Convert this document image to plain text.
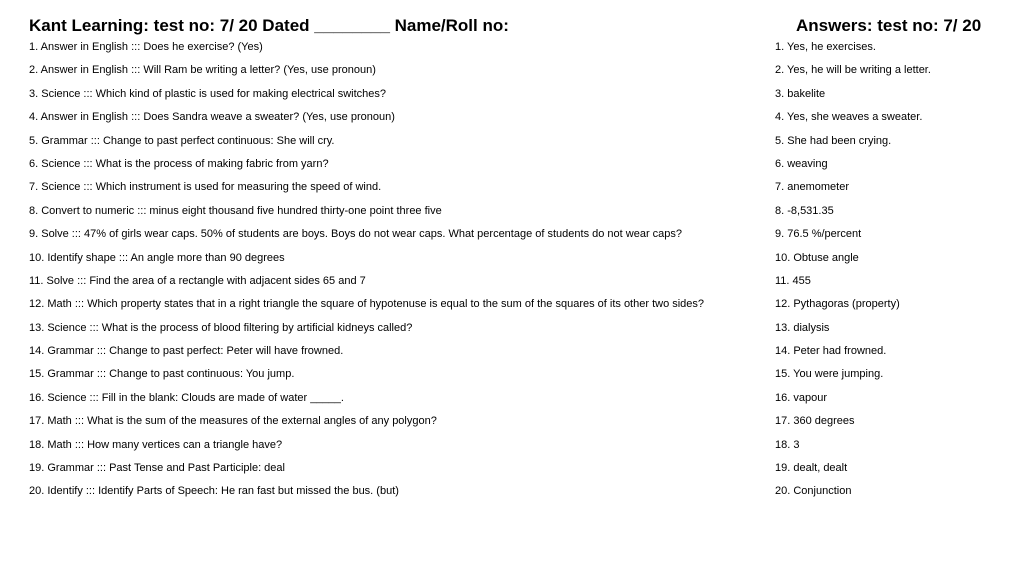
Kant Learning: test no: 7/ 20 Dated ________ Name/Roll no:	Answers: test no: 7/ 20
1. Answer in English ::: Does he exercise? (Yes)
2. Answer in English ::: Will Ram be writing a letter? (Yes, use pronoun)
3. Science ::: Which kind of plastic is used for making electrical switches?
4. Answer in English ::: Does Sandra weave a sweater? (Yes, use pronoun)
5. Grammar ::: Change to past perfect continuous: She will cry.
6. Science ::: What is the process of making fabric from yarn?
7. Science ::: Which instrument is used for measuring the speed of wind.
8. Convert to numeric ::: minus eight thousand five hundred thirty-one point three five
9. Solve ::: 47% of girls wear caps. 50% of students are boys. Boys do not wear caps. What percentage of students do not wear caps?
10. Identify shape ::: An angle more than 90 degrees
11. Solve ::: Find the area of a rectangle with adjacent sides 65 and 7
12. Math ::: Which property states that in a right triangle the square of hypotenuse is equal to the sum of the squares of its other two sides?
13. Science ::: What is the process of blood filtering by artificial kidneys called?
14. Grammar ::: Change to past perfect: Peter will have frowned.
15. Grammar ::: Change to past continuous: You jump.
16. Science ::: Fill in the blank: Clouds are made of water _____.
17. Math ::: What is the sum of the measures of the external angles of any polygon?
18. Math ::: How many vertices can a triangle have?
19. Grammar ::: Past Tense and Past Participle: deal
20. Identify ::: Identify Parts of Speech: He ran fast but missed the bus. (but)
1. Yes, he exercises.
2. Yes, he will be writing a letter.
3. bakelite
4. Yes, she weaves a sweater.
5. She had been crying.
6. weaving
7. anemometer
8. -8,531.35
9. 76.5 %/percent
10. Obtuse angle
11. 455
12. Pythagoras (property)
13. dialysis
14. Peter had frowned.
15. You were jumping.
16. vapour
17. 360 degrees
18. 3
19. dealt, dealt
20. Conjunction
